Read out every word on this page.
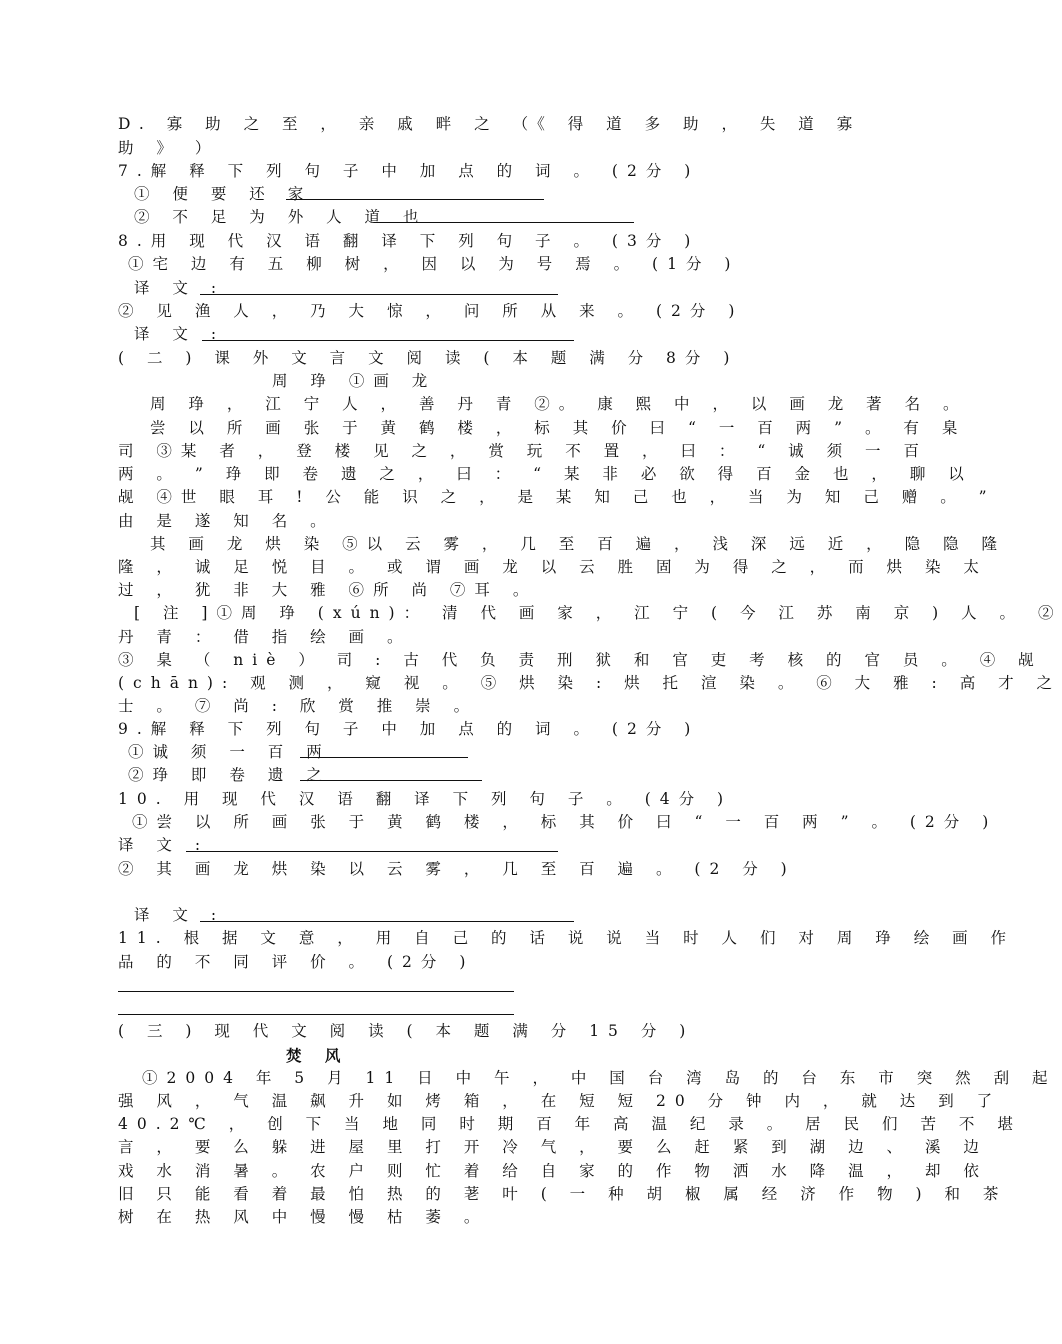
D. 寡 助 之 至 ， 亲 戚 畔 之 （《 得 道 多 助 ， 失 道 寡
助 》 ）
7.解 释 下 列 句 子 中 加 点 的 词 。 (2分 )
① 便 要 还 家
② 不 足 为 外 人 道 也
8.用 现 代 汉 语 翻 译 下 列 句 子 。 (3分 )
①宅 边 有 五 柳 树 ， 因 以 为 号 焉 。 (1分 )
译 文 :
② 见 渔 人 ， 乃 大 惊 ， 问 所 从 来 。 (2分 )
译 文 :
( 二 ) 课 外 文 言 文 阅 读 ( 本 题 满 分 8分 )
周 琤 ①画 龙
周 琤 ， 江 宁 人 ， 善 丹 青 ②。 康 熙 中 ， 以 画 龙 著 名 。
尝 以 所 画 张 于 黄 鹤 楼 ， 标 其 价 曰 “ 一 百 两 ” 。 有 臬
司 ③某 者 ， 登 楼 见 之 ， 赏 玩 不 置 ， 曰 ： “ 诚 须 一 百
两 。 ” 琤 即 卷 遗 之 ， 曰 ： “ 某 非 必 欲 得 百 金 也 ， 聊 以
觇 ④世 眼 耳 ! 公 能 识 之 ， 是 某 知 己 也 ， 当 为 知 己 赠 。 ”
由 是 遂 知 名 。
其 画 龙 烘 染 ⑤以 云 雾 ， 几 至 百 遍 ， 浅 深 远 近 ， 隐 隐 隆
隆 ， 诚 足 悦 目 。 或 谓 画 龙 以 云 胜 固 为 得 之 ， 而 烘 染 太
过 ， 犹 非 大 雅 ⑥所 尚 ⑦耳 。
[ 注 ]①周 琤 (xún)： 清 代 画 家 ， 江 宁 ( 今 江 苏 南 京 ) 人 。 ②
丹 青 ： 借 指 绘 画 。
③ 臬 （ niè ） 司 : 古 代 负 责 刑 狱 和 官 吏 考 核 的 官 员 。 ④ 觇
(chān): 观 测 ， 窥 视 。 ⑤ 烘 染 : 烘 托 渲 染 。 ⑥ 大 雅 : 高 才 之
士 。 ⑦ 尚 : 欣 赏 推 崇 。
9.解 释 下 列 句 子 中 加 点 的 词 。 (2分 )
①诚 须 一 百 两
②琤 即 卷 遗 之
10. 用 现 代 汉 语 翻 译 下 列 句 子 。 (4分 )
①尝 以 所 画 张 于 黄 鹤 楼 ， 标 其 价 曰 “ 一 百 两 ” 。 (2分 )
译 文 :
② 其 画 龙 烘 染 以 云 雾 ， 几 至 百 遍 。 (2 分 )
译 文 :
11. 根 据 文 意 ， 用 自 己 的 话 说 说 当 时 人 们 对 周 琤 绘 画 作
品 的 不 同 评 价 。 (2分 )
( 三 ) 现 代 文 阅 读 ( 本 题 满 分 15 分 )
焚 风
①2004 年 5 月 11 日 中 午 ， 中 国 台 湾 岛 的 台 东 市 突 然 刮 起
强 风 ， 气 温 飙 升 如 烤 箱 ， 在 短 短 20 分 钟 内 ， 就 达 到 了
40.2℃ ， 创 下 当 地 同 时 期 百 年 高 温 纪 录 。 居 民 们 苦 不 堪
言 ， 要 么 躲 进 屋 里 打 开 冷 气 ， 要 么 赶 紧 到 湖 边 、 溪 边
戏 水 消 暑 。 农 户 则 忙 着 给 自 家 的 作 物 洒 水 降 温 ， 却 依
旧 只 能 看 着 最 怕 热 的 荖 叶 ( 一 种 胡 椒 属 经 济 作 物 ) 和 茶
树 在 热 风 中 慢 慢 枯 萎 。
